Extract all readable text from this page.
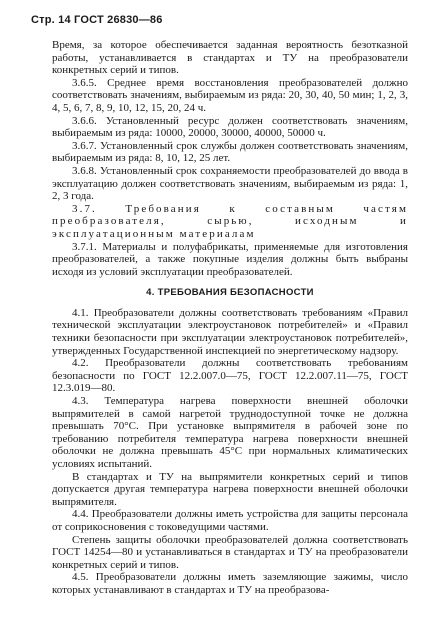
Стр. 14 ГОСТ 26830—86

Время, за которое обеспечивается заданная вероятность безотказной работы, устанавливается в стандартах и ТУ на преобразователи конкретных серий и типов.

3.6.5. Среднее время восстановления преобразователей должно соответствовать значениям, выбираемым из ряда: 20, 30, 40, 50 мин; 1, 2, 3, 4, 5, 6, 7, 8, 9, 10, 12, 15, 20, 24 ч.

3.6.6. Установленный ресурс должен соответствовать значениям, выбираемым из ряда: 10000, 20000, 30000, 40000, 50000 ч.

3.6.7. Установленный срок службы должен соответствовать значениям, выбираемым из ряда: 8, 10, 12, 25 лет.

3.6.8. Установленный срок сохраняемости преобразователей до ввода в эксплуатацию должен соответствовать значениям, выбираемым из ряда: 1, 2, 3 года.

3.7. Требования к составным частям преобразователя, сырью, исходным и эксплуатационным материалам

3.7.1. Материалы и полуфабрикаты, применяемые для изготовления преобразователей, а также покупные изделия должны быть выбраны исходя из условий эксплуатации преобразователей.

4. ТРЕБОВАНИЯ БЕЗОПАСНОСТИ

4.1. Преобразователи должны соответствовать требованиям «Правил технической эксплуатации электроустановок потребителей» и «Правил техники безопасности при эксплуатации электроустановок потребителей», утвержденных Государственной инспекцией по энергетическому надзору.

4.2. Преобразователи должны соответствовать требованиям безопасности по ГОСТ 12.2.007.0—75, ГОСТ 12.2.007.11—75, ГОСТ 12.3.019—80.

4.3. Температура нагрева поверхности внешней оболочки выпрямителей в самой нагретой труднодоступной точке не должна превышать 70°С. При установке выпрямителя в рабочей зоне по требованию потребителя температура нагрева поверхности внешней оболочки не должна превышать 45°С при нормальных климатических условиях испытаний.

В стандартах и ТУ на выпрямители конкретных серий и типов допускается другая температура нагрева поверхности внешней оболочки выпрямителя.

4.4. Преобразователи должны иметь устройства для защиты персонала от соприкосновения с токоведущими частями.

Степень защиты оболочки преобразователей должна соответствовать ГОСТ 14254—80 и устанавливаться в стандартах и ТУ на преобразователи конкретных серий и типов.

4.5. Преобразователи должны иметь заземляющие зажимы, число которых устанавливают в стандартах и ТУ на преобразова-
